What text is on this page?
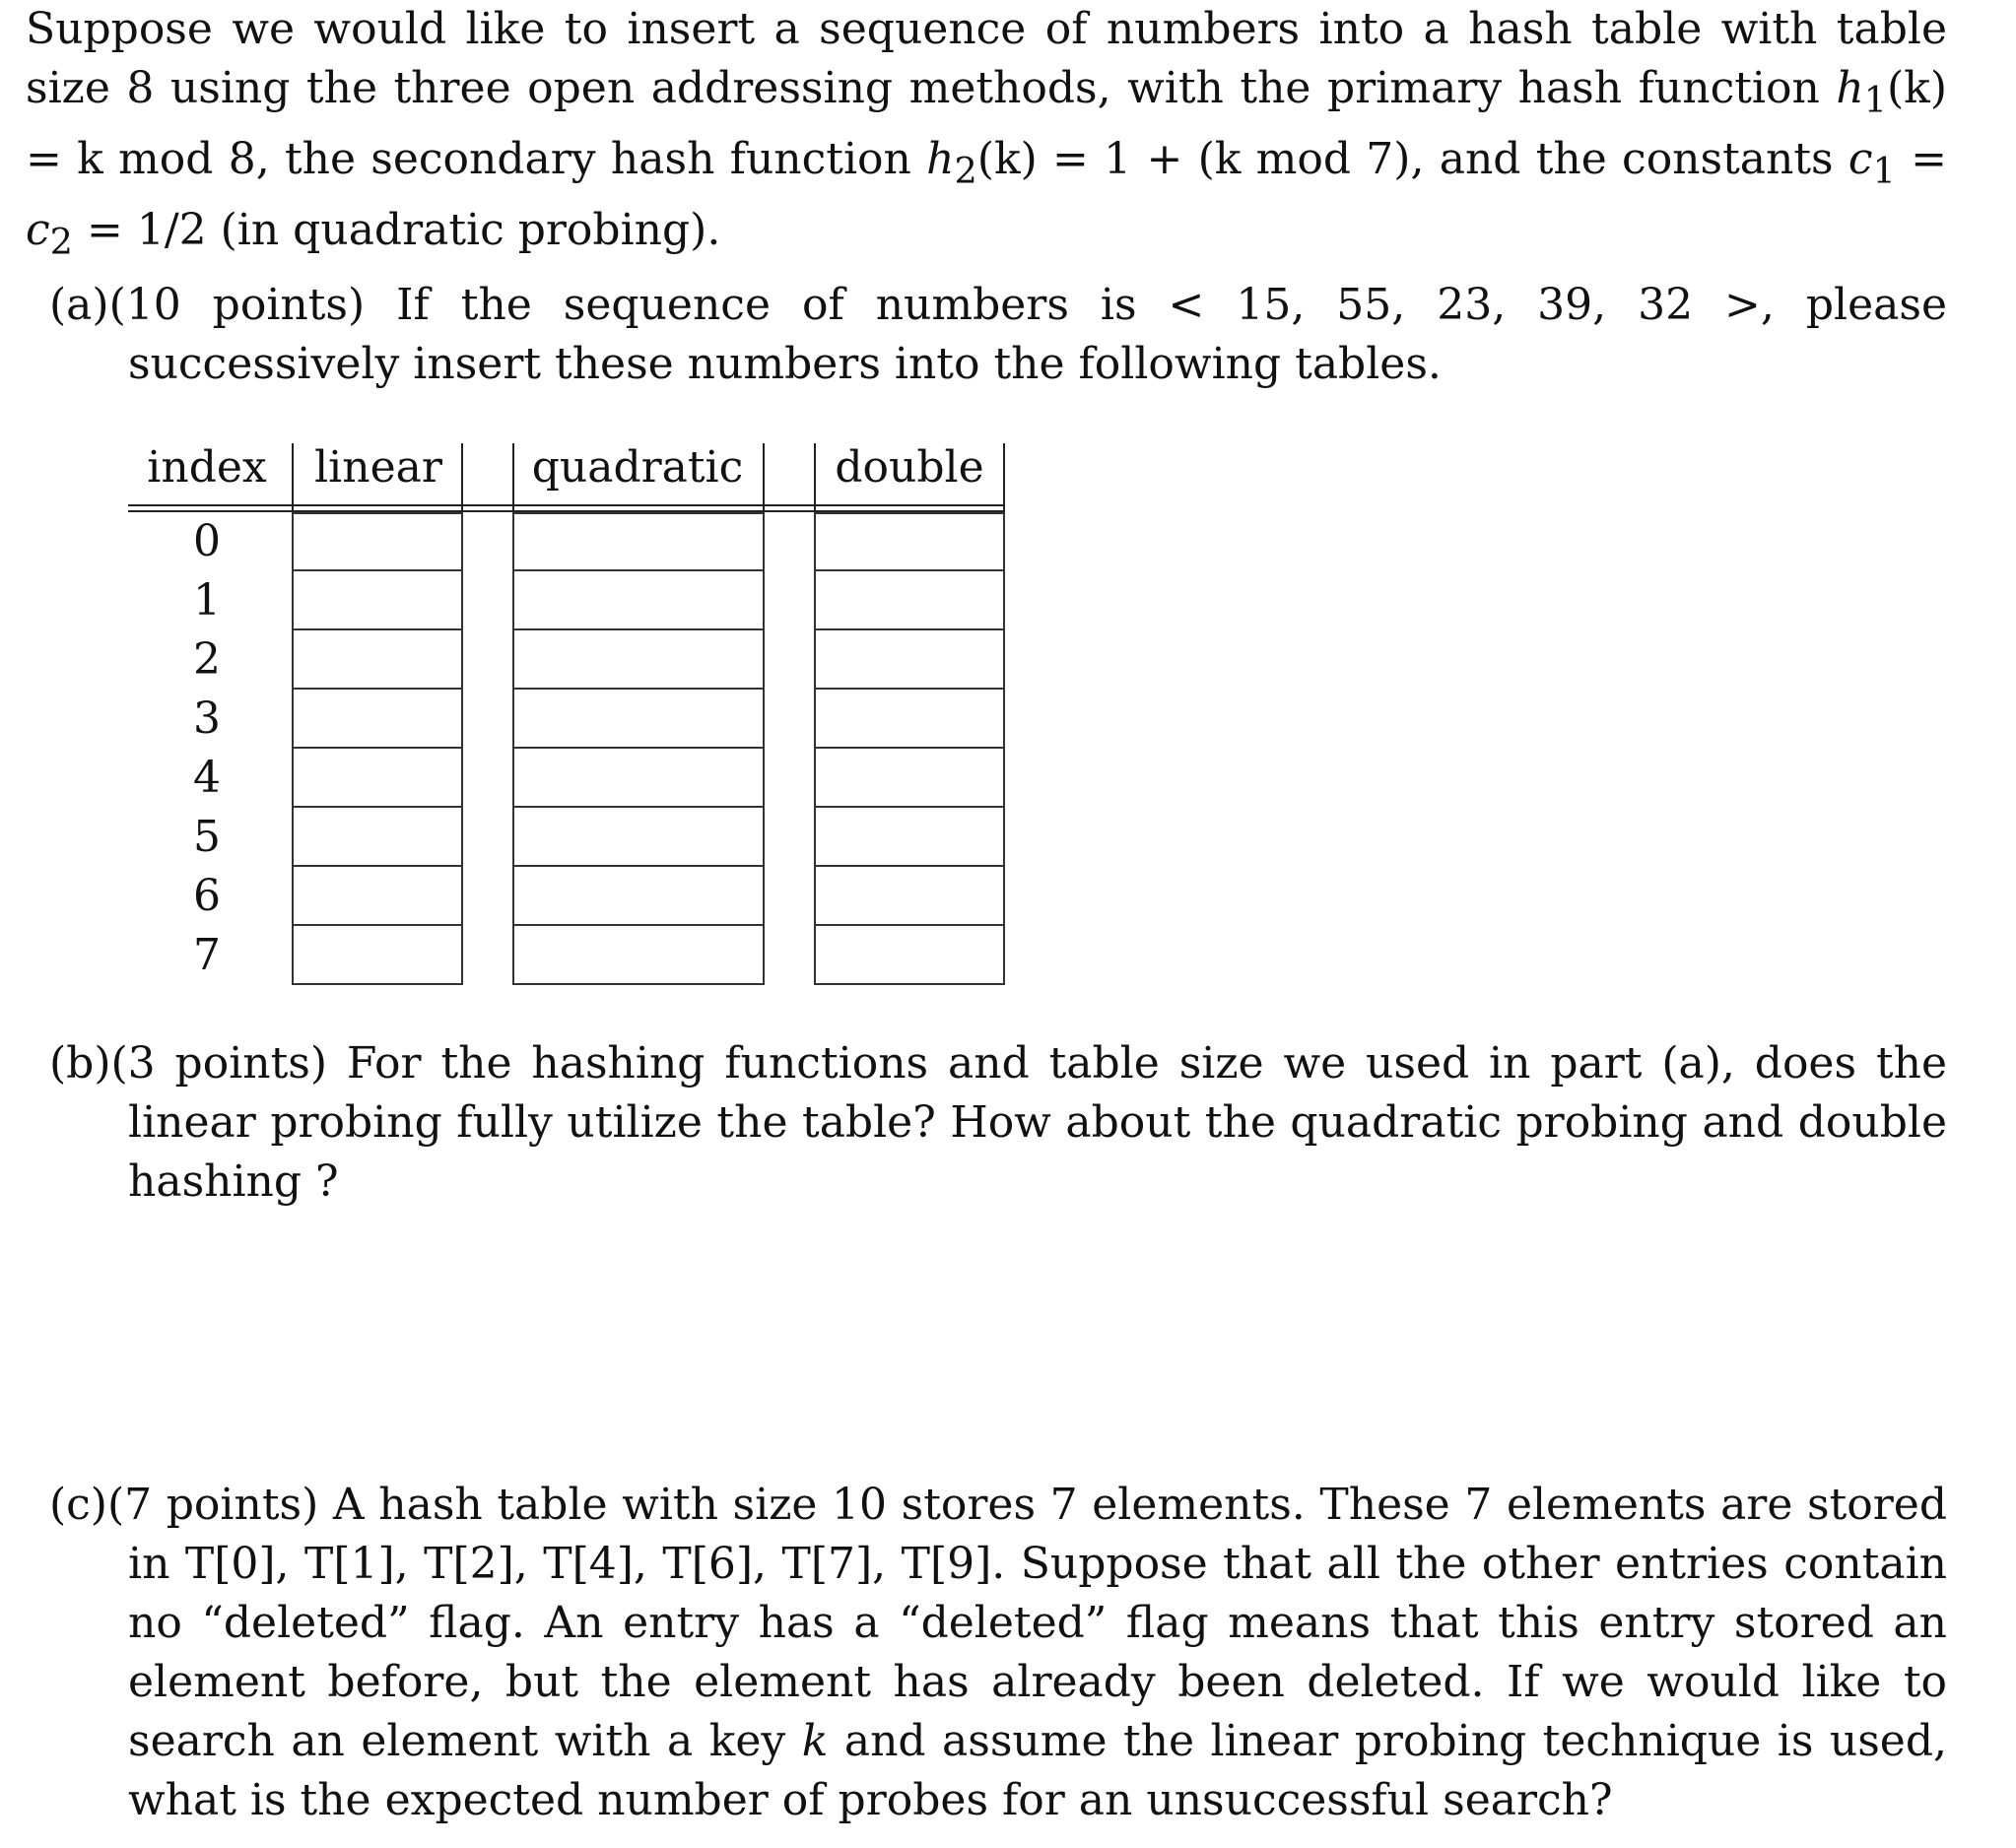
Suppose we would like to insert a sequence of numbers into a hash table with table size 8 using the three open addressing methods, with the primary hash function $h_1(k) = k$ mod 8, the secondary hash function $h_2(k) = 1 + (k$ mod 7), and the constants $c_1 = c_2 = 1/2$ (in quadratic probing).

(a)(10 points) If the sequence of numbers is < 15, 55, 23, 39, 32 >, please successively insert these numbers into the following tables.

index	linear	quadratic	double
0
1
2
3
4
5
6
7

(b)(3 points) For the hashing functions and table size we used in part (a), does the linear probing fully utilize the table? How about the quadratic probing and double hashing ?

(c)(7 points) A hash table with size 10 stores 7 elements. These 7 elements are stored in T[0], T[1], T[2], T[4], T[6], T[7], T[9]. Suppose that all the other entries contain no “deleted” flag. An entry has a “deleted” flag means that this entry stored an element before, but the element has already been deleted. If we would like to search an element with a key k and assume the linear probing technique is used, what is the expected number of probes for an unsuccessful search?
